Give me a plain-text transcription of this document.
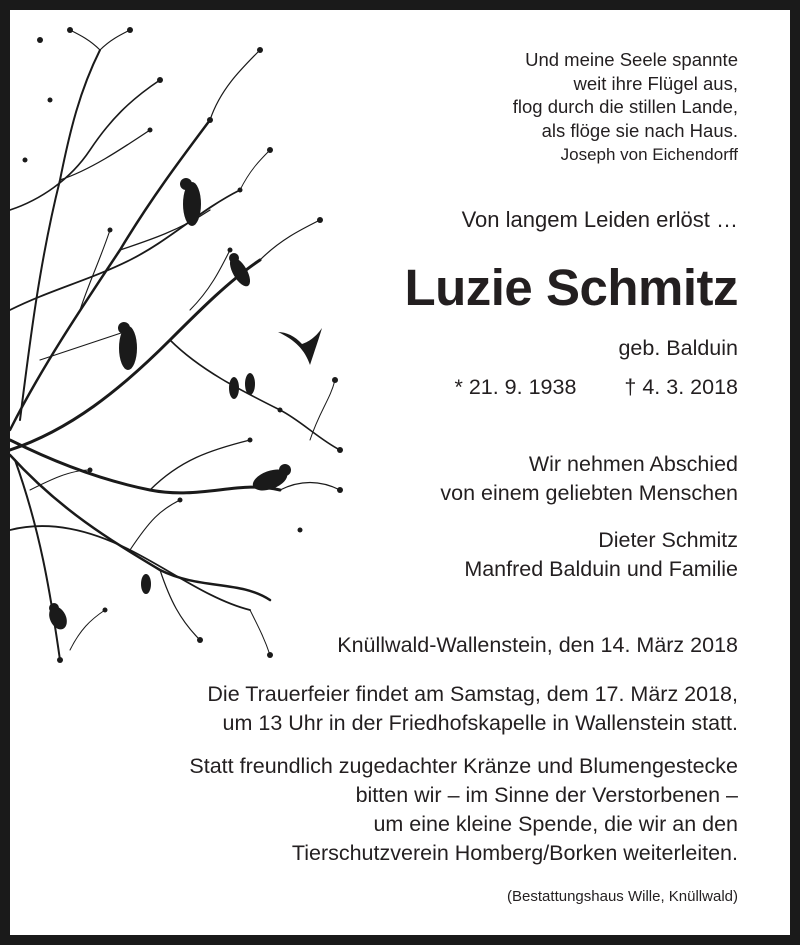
Und meine Seele spannte
weit ihre Flügel aus,
flog durch die stillen Lande,
als flöge sie nach Haus.
Joseph von Eichendorff
Von langem Leiden erlöst …
Luzie Schmitz
geb. Balduin
* 21. 9. 1938 † 4. 3. 2018
Wir nehmen Abschied
von einem geliebten Menschen
Dieter Schmitz
Manfred Balduin und Familie
Knüllwald-Wallenstein, den 14. März 2018
Die Trauerfeier findet am Samstag, dem 17. März 2018,
um 13 Uhr in der Friedhofskapelle in Wallenstein statt.
Statt freundlich zugedachter Kränze und Blumengestecke
bitten wir – im Sinne der Verstorbenen –
um eine kleine Spende, die wir an den
Tierschutzverein Homberg/Borken weiterleiten.
(Bestattungshaus Wille, Knüllwald)
